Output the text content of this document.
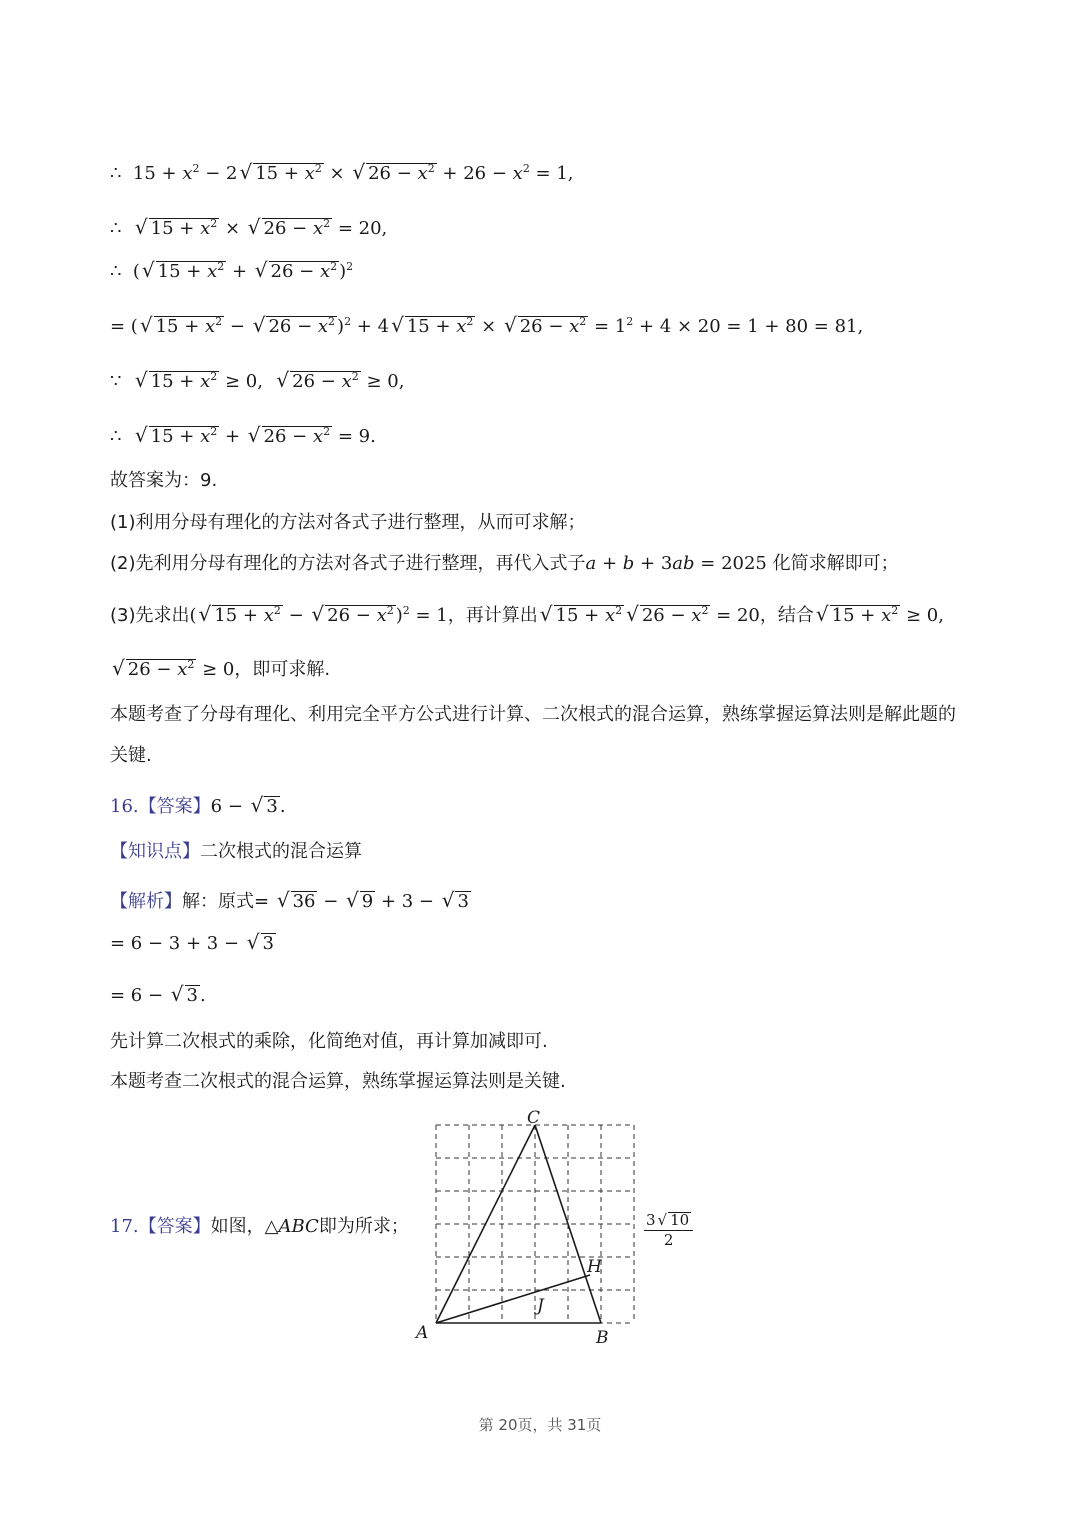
∴  $15 + x^2 - 2$ √ $15 + x^2$ × √ $26 - x^2 + 26 - x^2 = 1$,
∴  √ $15 + x^2$ × √ $26 - x^2 = 20$,
∴  ( √ $15 + x^2$ + √ $26 - x^2$ )$^2$
= ( √ $15 + x^2$ − √ $26 - x^2$ )$^2$ + 4 √ $15 + x^2$ × √ $26 - x^2 = 1^2 + 4 \times 20 = 1 + 80 = 81$,
∵  √ $15 + x^2 \ge 0$,  √ $26 - x^2 \ge 0$,
∴  √ $15 + x^2$ + √ $26 - x^2 = 9$.
故答案为：9.
(1)利用分母有理化的方法对各式子进行整理，从而可求解；
(2)先利用分母有理化的方法对各式子进行整理，再代入式子a + b + 3ab = 2025 化简求解即可；
(3)先求出( √ $15 + x^2$ − √ $26 - x^2$ )$^2$ = 1，再计算出 √ $15 + x^2$ √ $26 - x^2 = 20$，结合 √ $15 + x^2 \ge 0$,
√ $26 - x^2 \ge 0$，即可求解.
本题考查了分母有理化、利用完全平方公式进行计算、二次根式的混合运算，熟练掌握运算法则是解此题的
关键.
16.【答案】6 − √ 3 .
【知识点】二次根式的混合运算
【解析】解：原式= √ 36 − √ 9 + 3 − √ 3
= 6 − 3 + 3 − √ 3
= 6 − √ 3 .
先计算二次根式的乘除，化简绝对值，再计算加减即可.
本题考查二次根式的混合运算，熟练掌握运算法则是关键.
17.【答案】如图，△ABC即为所求；
A	B
C
H
J
$\frac{3 √ 10}{2}$
第 20页，共 31页
